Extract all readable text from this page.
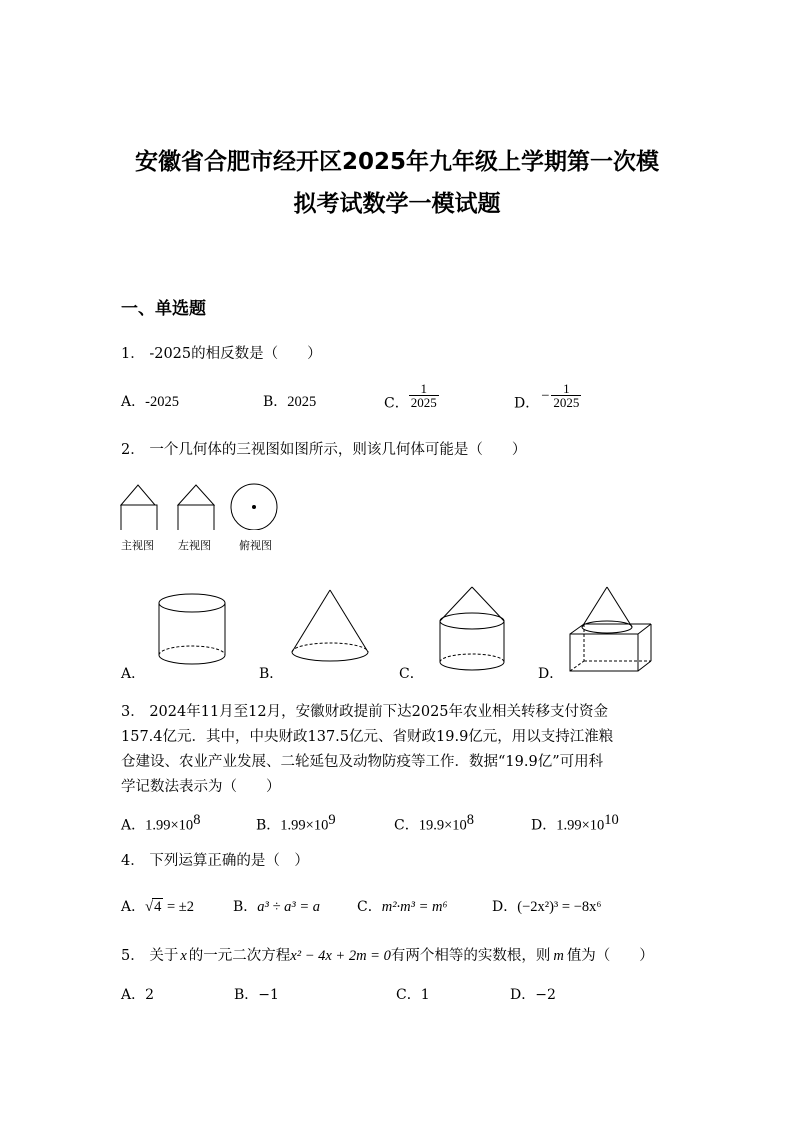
安徽省合肥市经开区2025年九年级上学期第一次模
拟考试数学一模试题
一、单选题
1． -2025的相反数是（　　）
A．-2025	B．2025	C． $\frac{1}{2025}$	D． − $\frac{1}{2025}$
2． 一个几何体的三视图如图所示，则该几何体可能是（　　）
主视图 左视图	俯视图
A．	B．	C．	D．
3． 2024年11月至12月，安徽财政提前下达2025年农业相关转移支付资金
157.4亿元．其中，中央财政137.5亿元、省财政19.9亿元，用以支持江淮粮
仓建设、农业产业发展、二轮延包及动物防疫等工作．数据“19.9亿”可用科
学记数法表示为（　　）
A．$1.99\times 10^8$	B．$1.99\times 10^9$	C．$19.9\times 10^8$	D．$1.99\times 10^{10}$
4． 下列运算正确的是（　）
A．√4 = ±2	B．a³ ÷ a³ = a	C．m²·m³ = m⁶	D．(−2x²)³ = −8x⁶
5． 关于 x 的一元二次方程x² − 4x + 2m = 0有两个相等的实数根，则 m 值为（　　）
A．2	B．−1	C．1	D．−2
